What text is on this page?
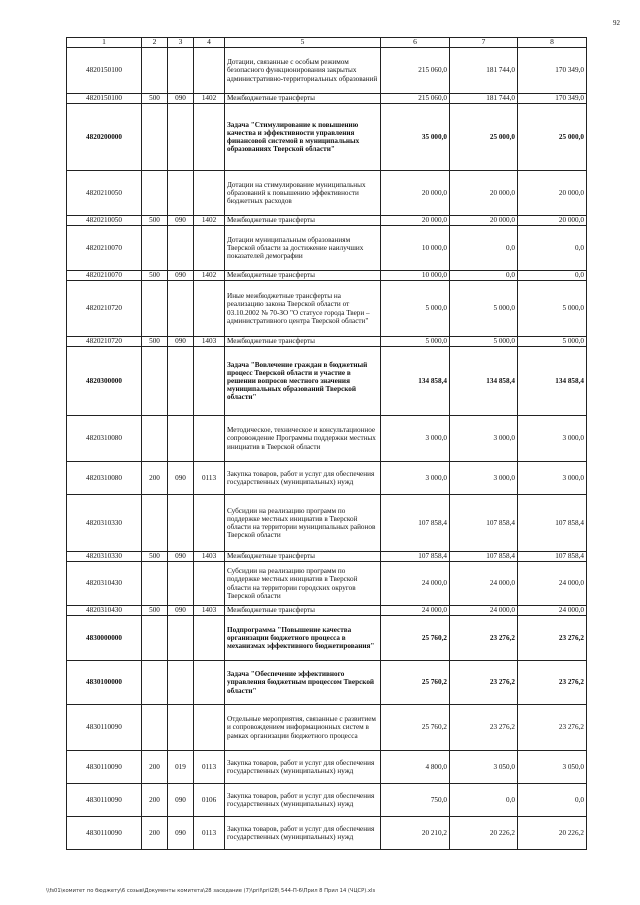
92
1	2	3	4	5	6	7	8
4820150100				Дотации, связанные с особым режимом безопасного функционирования закрытых административно-территориальных образований	215 060,0	181 744,0	170 349,0
4820150100	500	090	1402	Межбюджетные трансферты	215 060,0	181 744,0	170 349,0
4820200000				Задача "Стимулирование к повышению качества и эффективности управления финансовой системой в муниципальных образованиях Тверской области"	35 000,0	25 000,0	25 000,0
4820210050				Дотации на стимулирование муниципальных образований к повышению эффективности бюджетных расходов	20 000,0	20 000,0	20 000,0
4820210050	500	090	1402	Межбюджетные трансферты	20 000,0	20 000,0	20 000,0
4820210070				Дотации муниципальным образованиям Тверской области за достижение наилучших показателей демографии	10 000,0	0,0	0,0
4820210070	500	090	1402	Межбюджетные трансферты	10 000,0	0,0	0,0
4820210720				Иные межбюджетные трансферты на реализацию закона Тверской области от 03.10.2002 № 70-ЗО "О статусе города Твери – административного центра Тверской области"	5 000,0	5 000,0	5 000,0
4820210720	500	090	1403	Межбюджетные трансферты	5 000,0	5 000,0	5 000,0
4820300000				Задача "Вовлечение граждан в бюджетный процесс Тверской области и участие в решении вопросов местного значения муниципальных образований Тверской области"	134 858,4	134 858,4	134 858,4
4820310080				Методическое, техническое и консультационное сопровождение Программы поддержки местных инициатив в Тверской области	3 000,0	3 000,0	3 000,0
4820310080	200	090	0113	Закупка товаров, работ и услуг для обеспечения государственных (муниципальных) нужд	3 000,0	3 000,0	3 000,0
4820310330				Субсидии на реализацию программ по поддержке местных инициатив в Тверской области на территории муниципальных районов Тверской области	107 858,4	107 858,4	107 858,4
4820310330	500	090	1403	Межбюджетные трансферты	107 858,4	107 858,4	107 858,4
4820310430				Субсидии на реализацию программ по поддержке местных инициатив в Тверской области на территории городских округов Тверской области	24 000,0	24 000,0	24 000,0
4820310430	500	090	1403	Межбюджетные трансферты	24 000,0	24 000,0	24 000,0
4830000000				Подпрограмма "Повышение качества организации бюджетного процесса в механизмах эффективного бюджетирования"	25 760,2	23 276,2	23 276,2
4830100000				Задача "Обеспечение эффективного управления бюджетным процессом Тверской области"	25 760,2	23 276,2	23 276,2
4830110090				Отдельные мероприятия, связанные с развитием и сопровождением информационных систем в рамках организации бюджетного процесса	25 760,2	23 276,2	23 276,2
4830110090	200	019	0113	Закупка товаров, работ и услуг для обеспечения государственных (муниципальных) нужд	4 800,0	3 050,0	3 050,0
4830110090	200	090	0106	Закупка товаров, работ и услуг для обеспечения государственных (муниципальных) нужд	750,0	0,0	0,0
4830110090	200	090	0113	Закупка товаров, работ и услуг для обеспечения государственных (муниципальных) нужд	20 210,2	20 226,2	20 226,2
\\fs01\комитет по бюджету\6 созыв\Документы комитета\28 заседание (7)\pril\pril28\ 544-П-6\Прил 8 Прил 14 (ЧЦСР).xls
